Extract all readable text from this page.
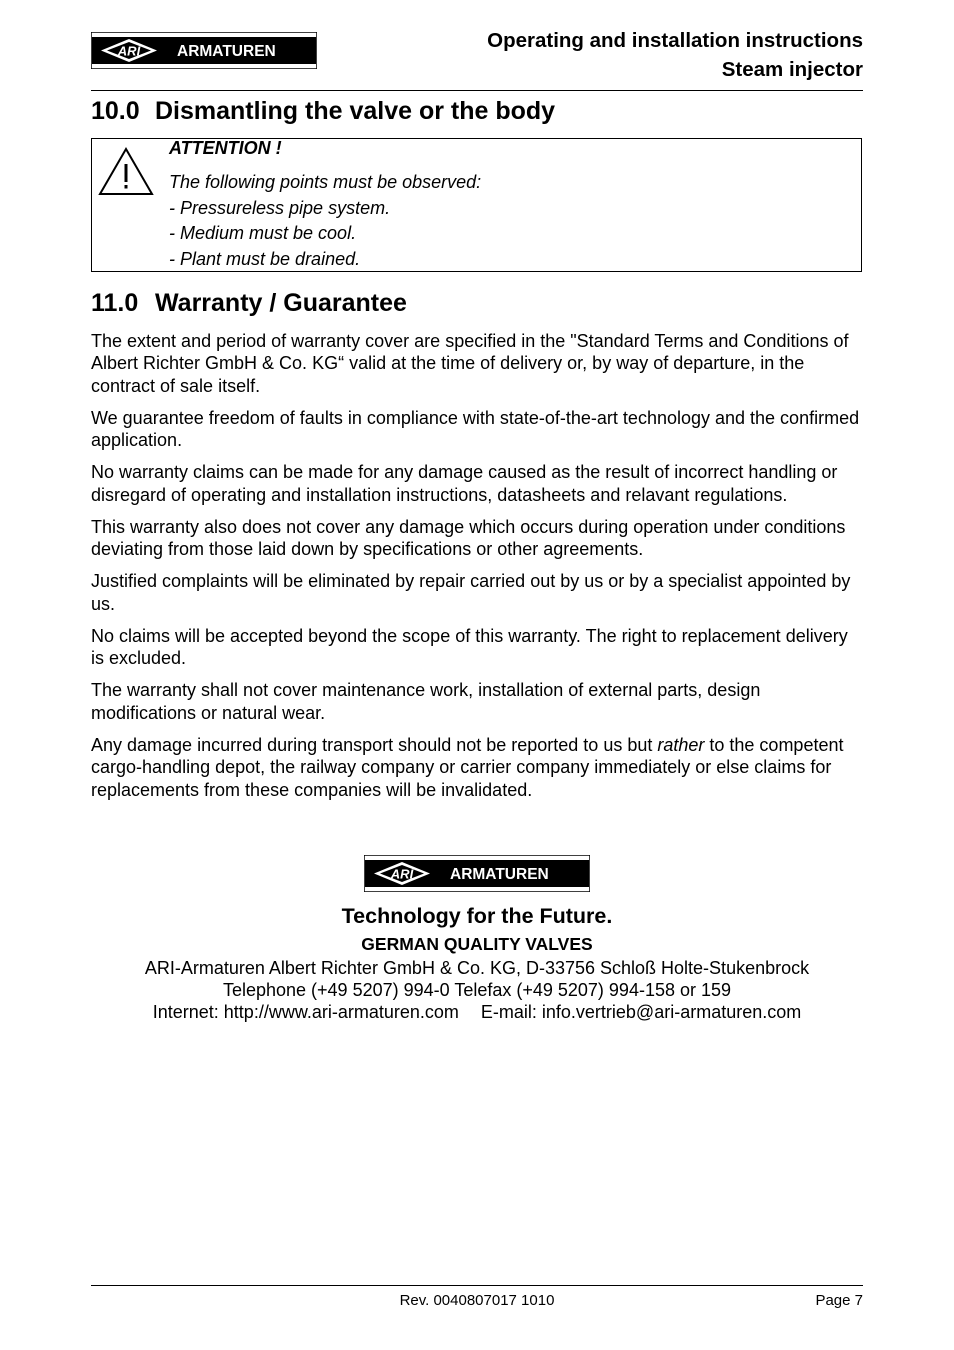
ARI ARMATUREN	Operating and installation instructions
Steam injector
10.0 Dismantling the valve or the body
ATTENTION !
The following points must be observed:
- Pressureless pipe system.
- Medium must be cool.
- Plant must be drained.
11.0 Warranty / Guarantee

The extent and period of warranty cover are specified in the "Standard Terms and Conditions of Albert Richter GmbH & Co. KG“ valid at the time of delivery or, by way of departure, in the contract of sale itself.

We guarantee freedom of faults in compliance with state-of-the-art technology and the confirmed application.

No warranty claims can be made for any damage caused as the result of incorrect handling or disregard of operating and installation instructions, datasheets and relavant regulations.

This warranty also does not cover any damage which occurs during operation under conditions deviating from those laid down by specifications or other agreements.

Justified complaints will be eliminated by repair carried out by us or by a specialist appointed by us.

No claims will be accepted beyond the scope of this warranty. The right to replacement delivery is excluded.

The warranty shall not cover maintenance work, installation of external parts, design modifications or natural wear.

Any damage incurred during transport should not be reported to us but rather to the competent cargo-handling depot, the railway company or carrier company immediately or else claims for replacements from these companies will be invalidated.

ARI ARMATUREN
Technology for the Future.
GERMAN QUALITY VALVES
ARI-Armaturen Albert Richter GmbH & Co. KG, D-33756 Schloß Holte-Stukenbrock
Telephone (+49 5207) 994-0 Telefax (+49 5207) 994-158 or 159
Internet: http://www.ari-armaturen.com E-mail: info.vertrieb@ari-armaturen.com
Rev. 0040807017 1010	Page 7
